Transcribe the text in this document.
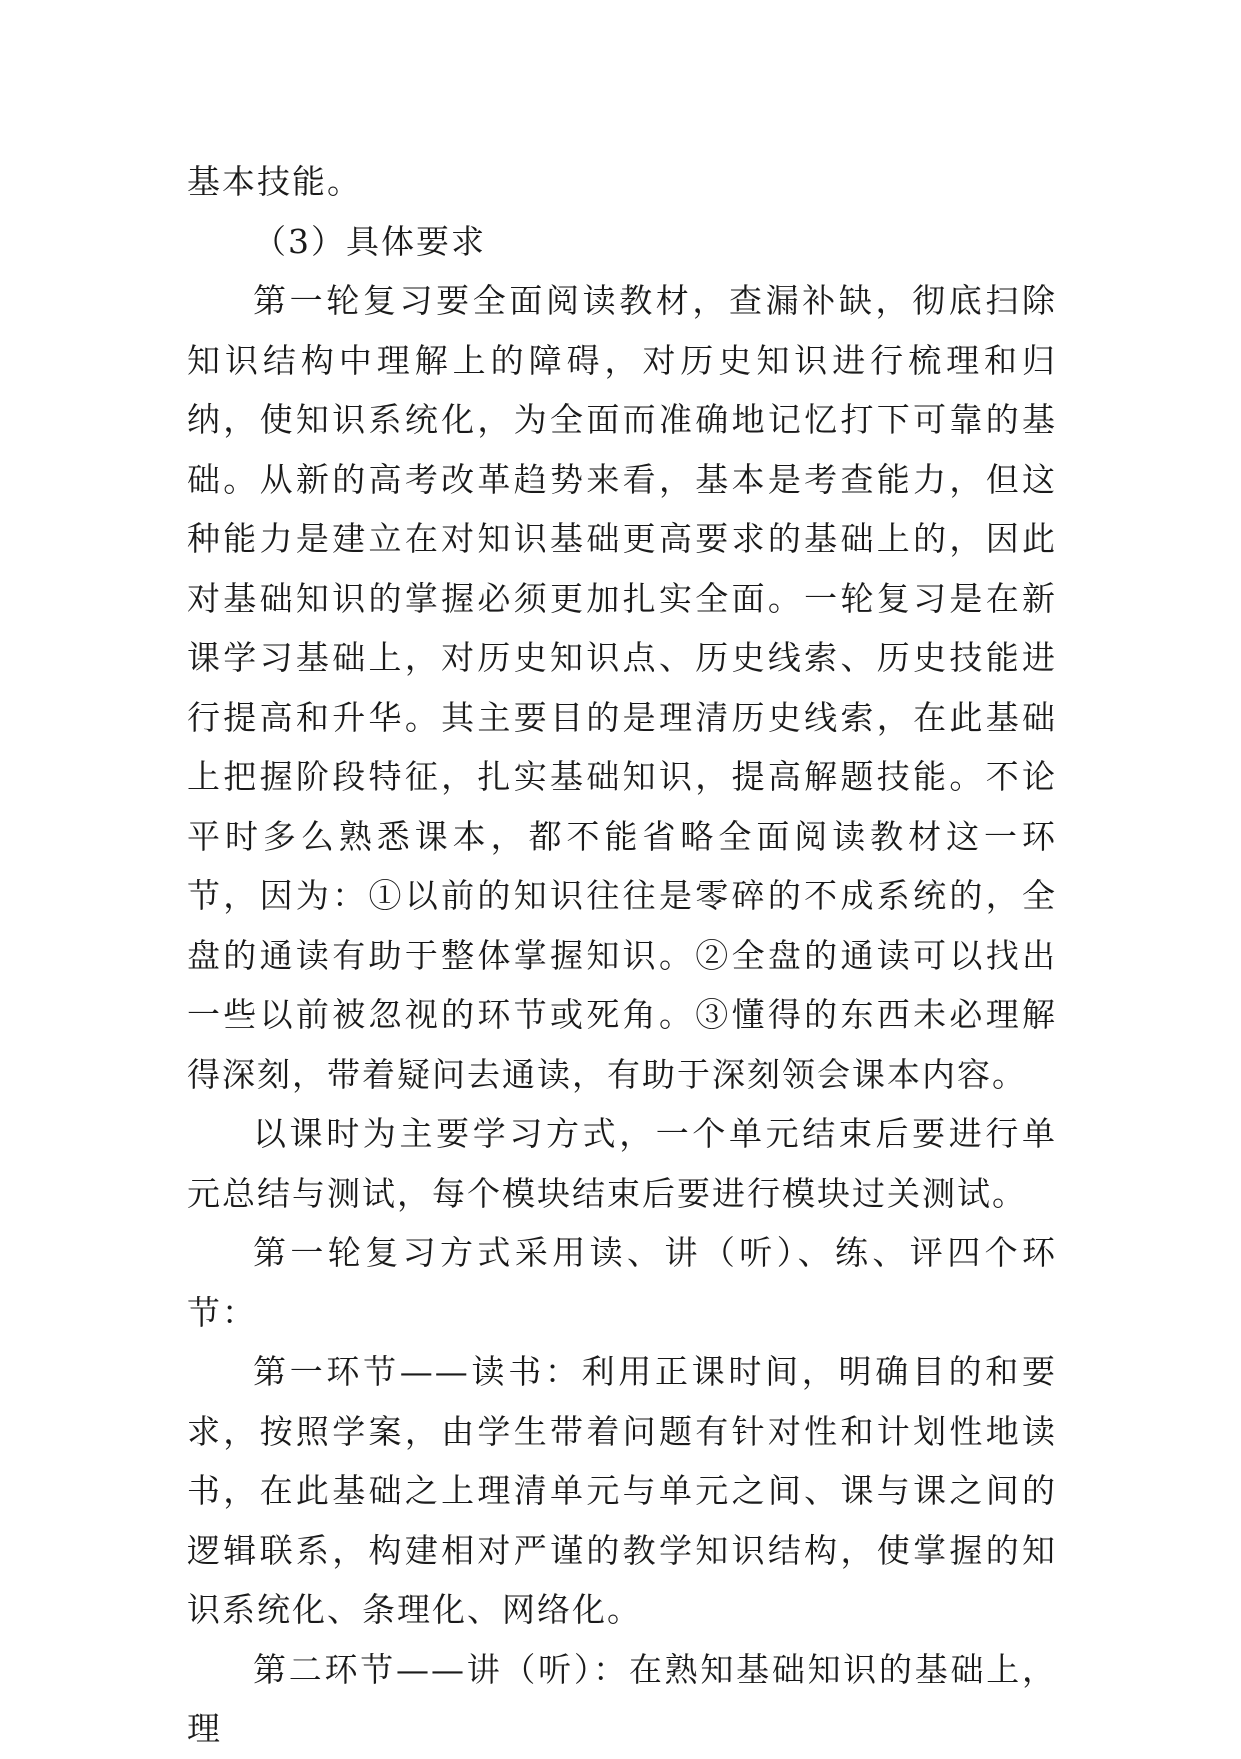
基本技能。

（3）具体要求

第一轮复习要全面阅读教材，查漏补缺，彻底扫除知识结构中理解上的障碍，对历史知识进行梳理和归纳，使知识系统化，为全面而准确地记忆打下可靠的基础。从新的高考改革趋势来看，基本是考查能力，但这种能力是建立在对知识基础更高要求的基础上的，因此对基础知识的掌握必须更加扎实全面。一轮复习是在新课学习基础上，对历史知识点、历史线索、历史技能进行提高和升华。其主要目的是理清历史线索，在此基础上把握阶段特征，扎实基础知识，提高解题技能。不论平时多么熟悉课本，都不能省略全面阅读教材这一环节，因为：①以前的知识往往是零碎的不成系统的，全盘的通读有助于整体掌握知识。②全盘的通读可以找出一些以前被忽视的环节或死角。③懂得的东西未必理解得深刻，带着疑问去通读，有助于深刻领会课本内容。

以课时为主要学习方式，一个单元结束后要进行单元总结与测试，每个模块结束后要进行模块过关测试。

第一轮复习方式采用读、讲（听）、练、评四个环节：

第一环节——读书：利用正课时间，明确目的和要求，按照学案，由学生带着问题有针对性和计划性地读书，在此基础之上理清单元与单元之间、课与课之间的逻辑联系，构建相对严谨的教学知识结构，使掌握的知识系统化、条理化、网络化。

第二环节——讲（听）：在熟知基础知识的基础上，理
